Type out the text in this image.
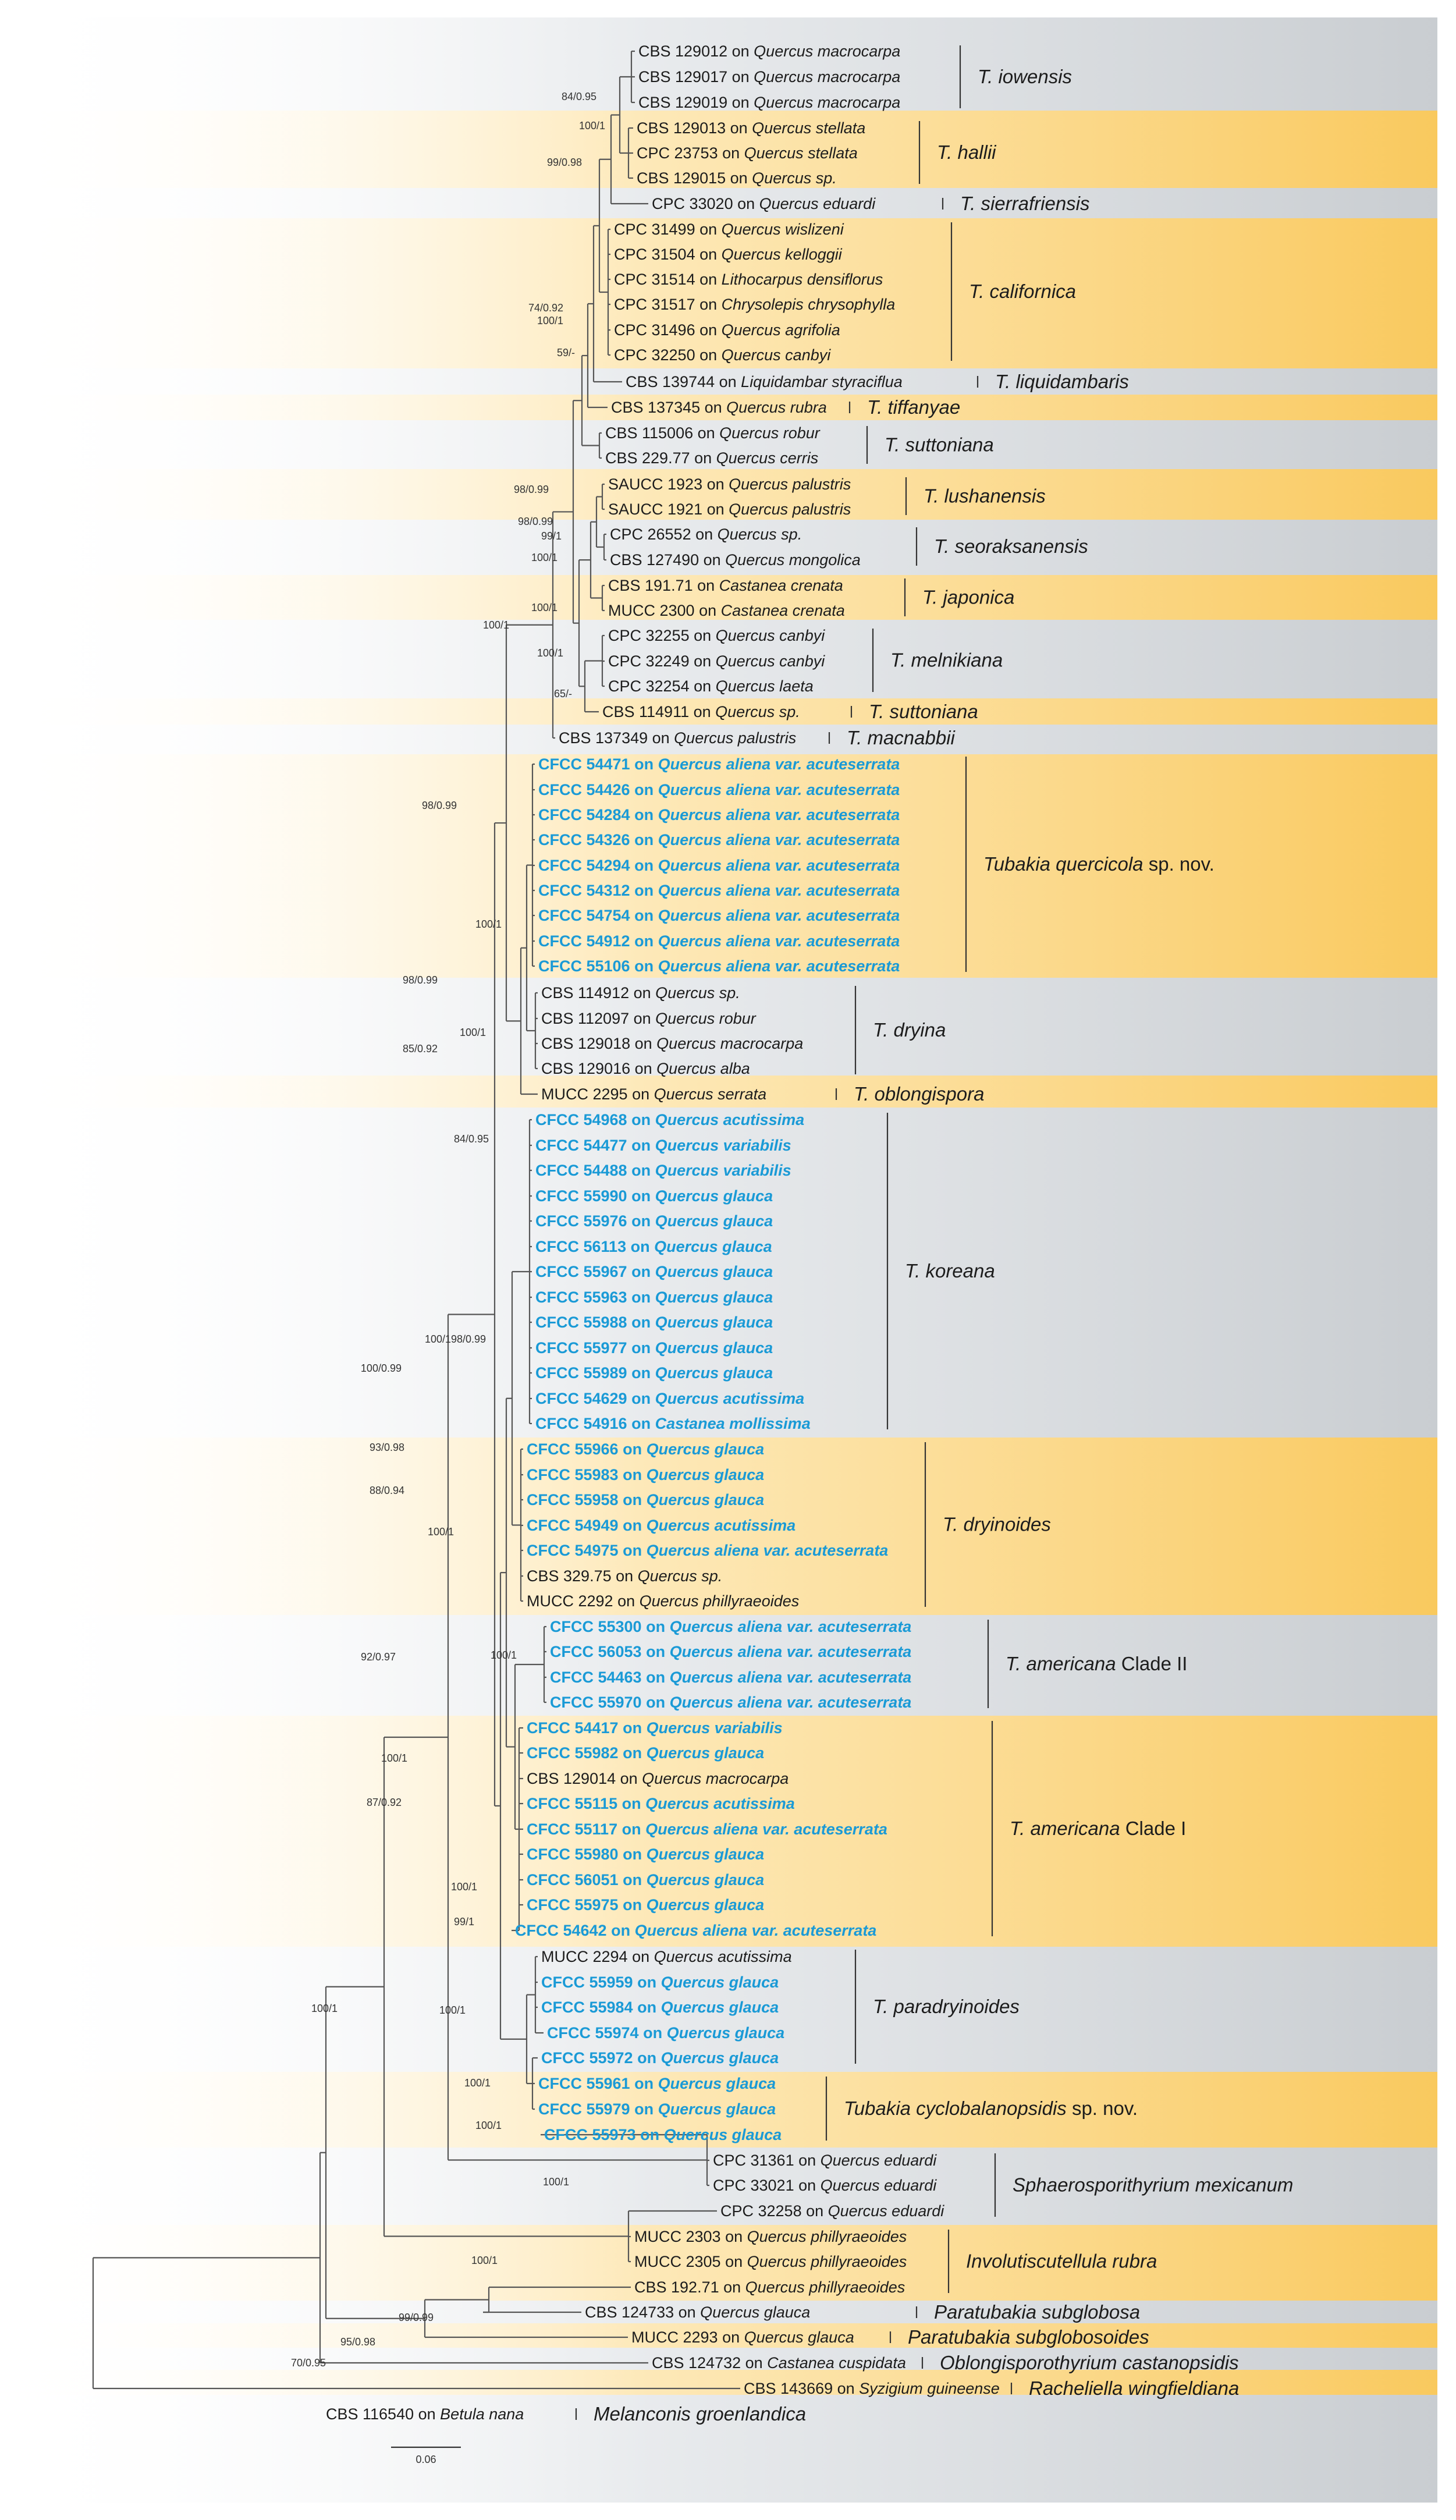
84/0.95
100/1
99/0.98
74/0.92
100/1
59/-
98/0.99
98/0.99
99/1
100/1
100/1
100/1
100/1
65/-
98/0.99
100/1
98/0.99
100/1
85/0.92
84/0.95
100/1 98/0.99
100/0.99
93/0.98
88/0.94
100/1
92/0.97	100/1
100/1
87/0.92
100/1
99/1
100/1
100/1
100/1
100/1
100/1
100/1
99/0.99
95/0.98
70/0.95
CBS 129012 on Quercus macrocarpa
CBS 129017 on Quercus macrocarpa
CBS 129019 on Quercus macrocarpa
CBS 129013 on Quercus stellata
CPC 23753 on Quercus stellata
CBS 129015 on Quercus sp.
CPC 33020 on Quercus eduardi
CPC 31499 on Quercus wislizeni
CPC 31504 on Quercus kelloggii
CPC 31514 on Lithocarpus densiflorus
CPC 31517 on Chrysolepis chrysophylla
CPC 31496 on Quercus agrifolia
CPC 32250 on Quercus canbyi
CBS 139744 on Liquidambar styraciflua
CBS 137345 on Quercus rubra
CBS 115006 on Quercus robur
CBS 229.77 on Quercus cerris
SAUCC 1923 on Quercus palustris
SAUCC 1921 on Quercus palustris
CPC 26552 on Quercus sp.
CBS 127490 on Quercus mongolica
CBS 191.71 on Castanea crenata
MUCC 2300 on Castanea crenata
CPC 32255 on Quercus canbyi
CPC 32249 on Quercus canbyi
CPC 32254 on Quercus laeta
CBS 114911 on Quercus sp.
CBS 137349 on Quercus palustris
CFCC 54471 on Quercus aliena var. acuteserrata
CFCC 54426 on Quercus aliena var. acuteserrata
CFCC 54284 on Quercus aliena var. acuteserrata
CFCC 54326 on Quercus aliena var. acuteserrata
CFCC 54294 on Quercus aliena var. acuteserrata
CFCC 54312 on Quercus aliena var. acuteserrata
CFCC 54754 on Quercus aliena var. acuteserrata
CFCC 54912 on Quercus aliena var. acuteserrata
CFCC 55106 on Quercus aliena var. acuteserrata
CBS 114912 on Quercus sp.
CBS 112097 on Quercus robur
CBS 129018 on Quercus macrocarpa
CBS 129016 on Quercus alba
MUCC 2295 on Quercus serrata
CFCC 54968 on Quercus acutissima
CFCC 54477 on Quercus variabilis
CFCC 54488 on Quercus variabilis
CFCC 55990 on Quercus glauca
CFCC 55976 on Quercus glauca
CFCC 56113 on Quercus glauca
CFCC 55967 on Quercus glauca
CFCC 55963 on Quercus glauca
CFCC 55988 on Quercus glauca
CFCC 55977 on Quercus glauca
CFCC 55989 on Quercus glauca
CFCC 54629 on Quercus acutissima
CFCC 54916 on Castanea mollissima
CFCC 55966 on Quercus glauca
CFCC 55983 on Quercus glauca
CFCC 55958 on Quercus glauca
CFCC 54949 on Quercus acutissima
CFCC 54975 on Quercus aliena var. acuteserrata
CBS 329.75 on Quercus sp.
MUCC 2292 on Quercus phillyraeoides
CFCC 55300 on Quercus aliena var. acuteserrata
CFCC 56053 on Quercus aliena var. acuteserrata
CFCC 54463 on Quercus aliena var. acuteserrata
CFCC 55970 on Quercus aliena var. acuteserrata
CFCC 54417 on Quercus variabilis
CFCC 55982 on Quercus glauca
CBS 129014 on Quercus macrocarpa
CFCC 55115 on Quercus acutissima
CFCC 55117 on Quercus aliena var. acuteserrata
CFCC 55980 on Quercus glauca
CFCC 56051 on Quercus glauca
CFCC 55975 on Quercus glauca
CFCC 54642 on Quercus aliena var. acuteserrata
MUCC 2294 on Quercus acutissima
CFCC 55959 on Quercus glauca
CFCC 55984 on Quercus glauca
CFCC 55974 on Quercus glauca
CFCC 55972 on Quercus glauca
CFCC 55961 on Quercus glauca
CFCC 55979 on Quercus glauca
CFCC 55973 on Quercus glauca
CPC 31361 on Quercus eduardi
CPC 33021 on Quercus eduardi
CPC 32258 on Quercus eduardi
MUCC 2303 on Quercus phillyraeoides
MUCC 2305 on Quercus phillyraeoides
CBS 192.71 on Quercus phillyraeoides
CBS 124733 on Quercus glauca
MUCC 2293 on Quercus glauca
CBS 124732 on Castanea cuspidata
CBS 143669 on Syzigium guineense
CBS 116540 on Betula nana
T. iowensis
T. hallii
T. sierrafriensis
T. californica
T. liquidambaris
T. tiffanyae
T. suttoniana
T. lushanensis
T. seoraksanensis
T. japonica
T. melnikiana
T. suttoniana
T. macnabbii
Tubakia quercicola sp. nov.
T. dryina
T. oblongispora
T. koreana
T. dryinoides
T. americana Clade II
T. americana Clade I
T. paradryinoides
Tubakia cyclobalanopsidis sp. nov.
Sphaerosporithyrium mexicanum
Involutiscutellula rubra
Paratubakia subglobosa
Paratubakia subglobosoides
Oblongisporothyrium castanopsidis
Racheliella wingfieldiana
Melanconis groenlandica
0.06
